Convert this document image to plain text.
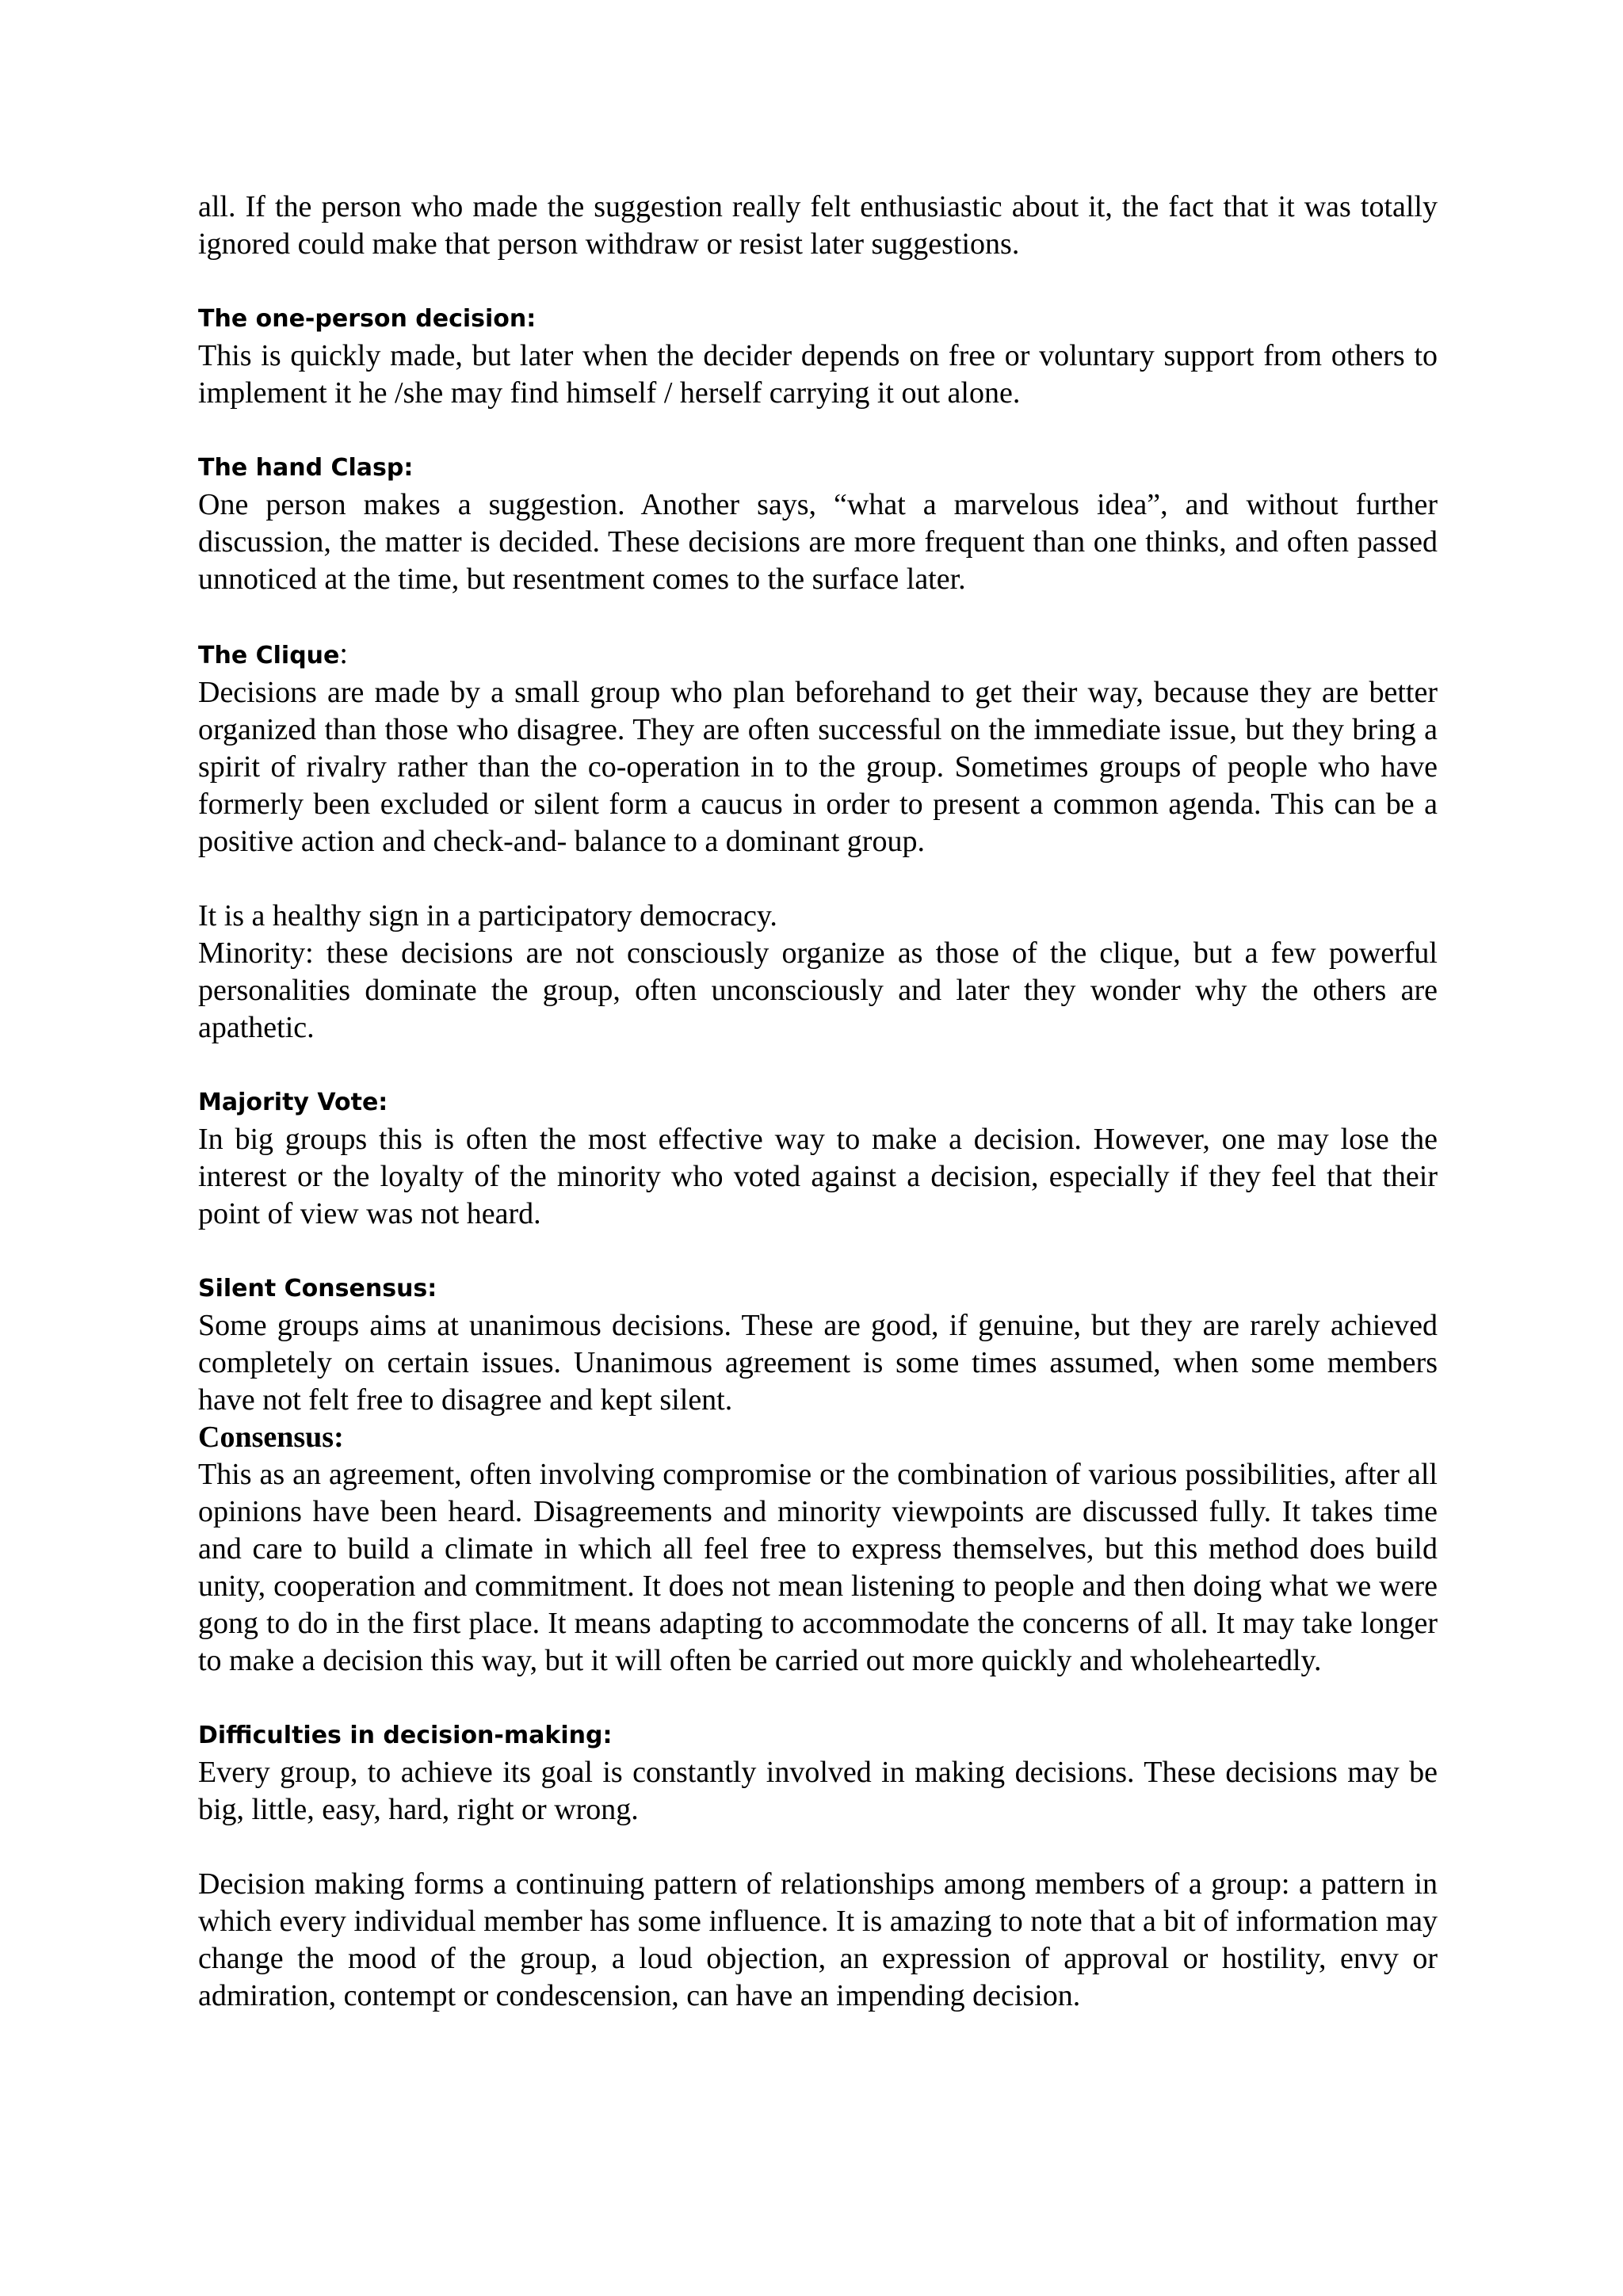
all. If the person who made the suggestion really felt enthusiastic about it, the fact that it was totally ignored could make that person withdraw or resist later suggestions.

The one-person decision:

This is quickly made, but later when the decider depends on free or voluntary support from others to implement it he /she may find himself / herself carrying it out alone.

The hand Clasp:

One person makes a suggestion. Another says, “what a marvelous idea”, and without further discussion, the matter is decided. These decisions are more frequent than one thinks, and often passed unnoticed at the time, but resentment comes to the surface later.

The Clique:

Decisions are made by a small group who plan beforehand to get their way, because they are better organized than those who disagree. They are often successful on the immediate issue, but they bring a spirit of rivalry rather than the co-operation in to the group. Sometimes groups of people who have formerly been excluded or silent form a caucus in order to present a common agenda. This can be a positive action and check-and- balance to a dominant group.

It is a healthy sign in a participatory democracy.

Minority: these decisions are not consciously organize as those of the clique, but a few powerful personalities dominate the group, often unconsciously and later they wonder why the others are apathetic.

Majority Vote:

In big groups this is often the most effective way to make a decision. However, one may lose the interest or the loyalty of the minority who voted against a decision, especially if they feel that their point of view was not heard.

Silent Consensus:

Some groups aims at unanimous decisions. These are good, if genuine, but they are rarely achieved completely on certain issues. Unanimous agreement is some times assumed, when some members have not felt free to disagree and kept silent.

Consensus:

This as an agreement, often involving compromise or the combination of various possibilities, after all opinions have been heard. Disagreements and minority viewpoints are discussed fully. It takes time and care to build a climate in which all feel free to express themselves, but this method does build unity, cooperation and commitment. It does not mean listening to people and then doing what we were gong to do in the first place. It means adapting to accommodate the concerns of all. It may take longer to make a decision this way, but it will often be carried out more quickly and wholeheartedly.

Difficulties in decision-making:

Every group, to achieve its goal is constantly involved in making decisions. These decisions may be big, little, easy, hard, right or wrong.

Decision making forms a continuing pattern of relationships among members of a group: a pattern in which every individual member has some influence. It is amazing to note that a bit of information may change the mood of the group, a loud objection, an expression of approval or hostility, envy or admiration, contempt or condescension, can have an impending decision.
